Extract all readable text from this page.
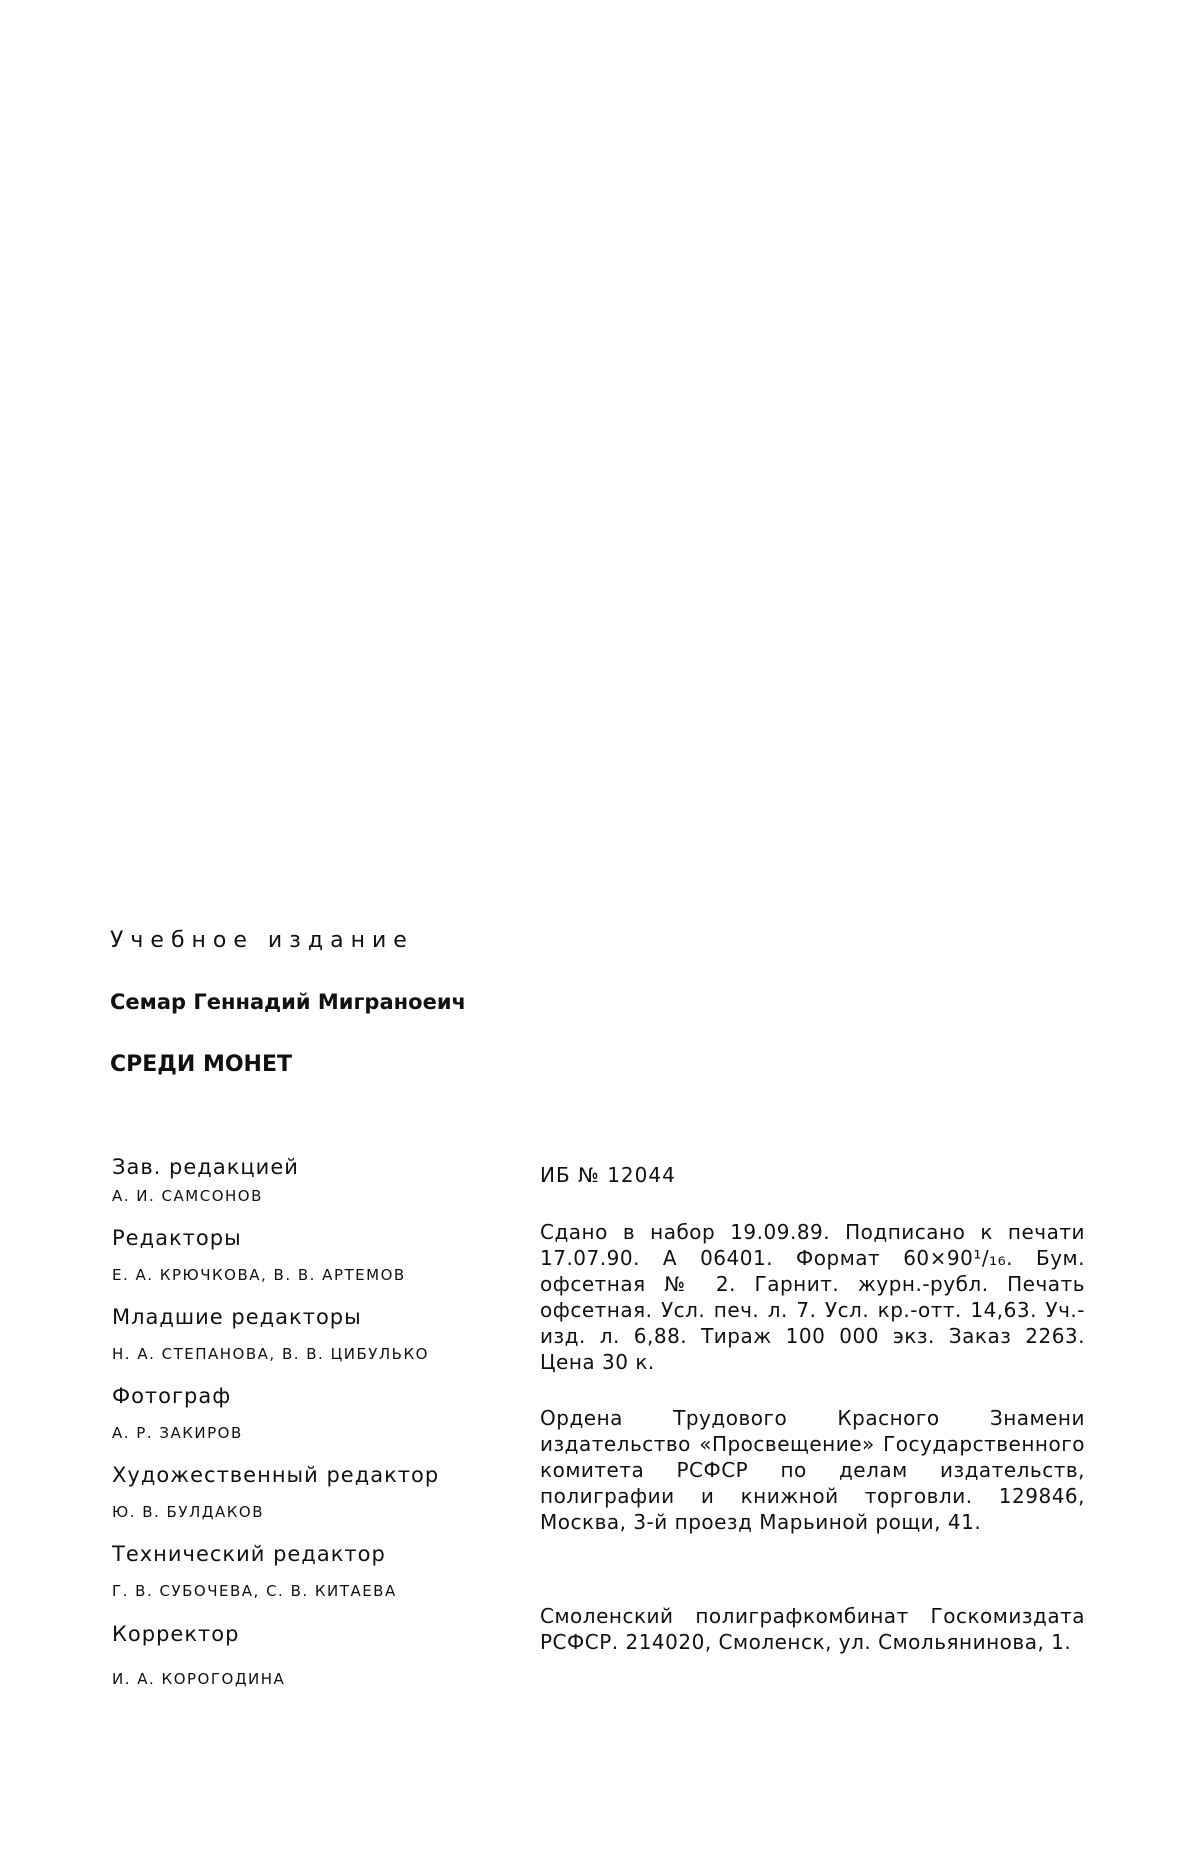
Учебное издание
Семар Геннадий Миграноеич
СРЕДИ МОНЕТ
Зав. редакцией
А. И. САМСОНОВ
Редакторы
Е. А. КРЮЧКОВА, В. В. АРТЕМОВ
Младшие редакторы
Н. А. СТЕПАНОВА, В. В. ЦИБУЛЬКО
Фотограф
А. Р. ЗАКИРОВ
Художественный редактор
Ю. В. БУЛДАКОВ
Технический редактор
Г. В. СУБОЧЕВА, С. В. КИТАЕВА
Корректор
И. А. КОРОГОДИНА
ИБ № 12044
Сдано в набор 19.09.89. Подписано к печати 17.07.90. А 06401. Формат 60×90¹/₁₆. Бум. офсетная № 2. Гарнит. журн.-рубл. Печать офсетная. Усл. печ. л. 7. Усл. кр.-отт. 14,63. Уч.-изд. л. 6,88. Тираж 100 000 экз. Заказ 2263. Цена 30 к.
Ордена Трудового Красного Знамени издательство «Просвещение» Государственного комитета РСФСР по делам издательств, полиграфии и книжной торговли. 129846, Москва, 3-й проезд Марьиной рощи, 41.
Смоленский полиграфкомбинат Госкомиздата РСФСР. 214020, Смоленск, ул. Смольянинова, 1.
